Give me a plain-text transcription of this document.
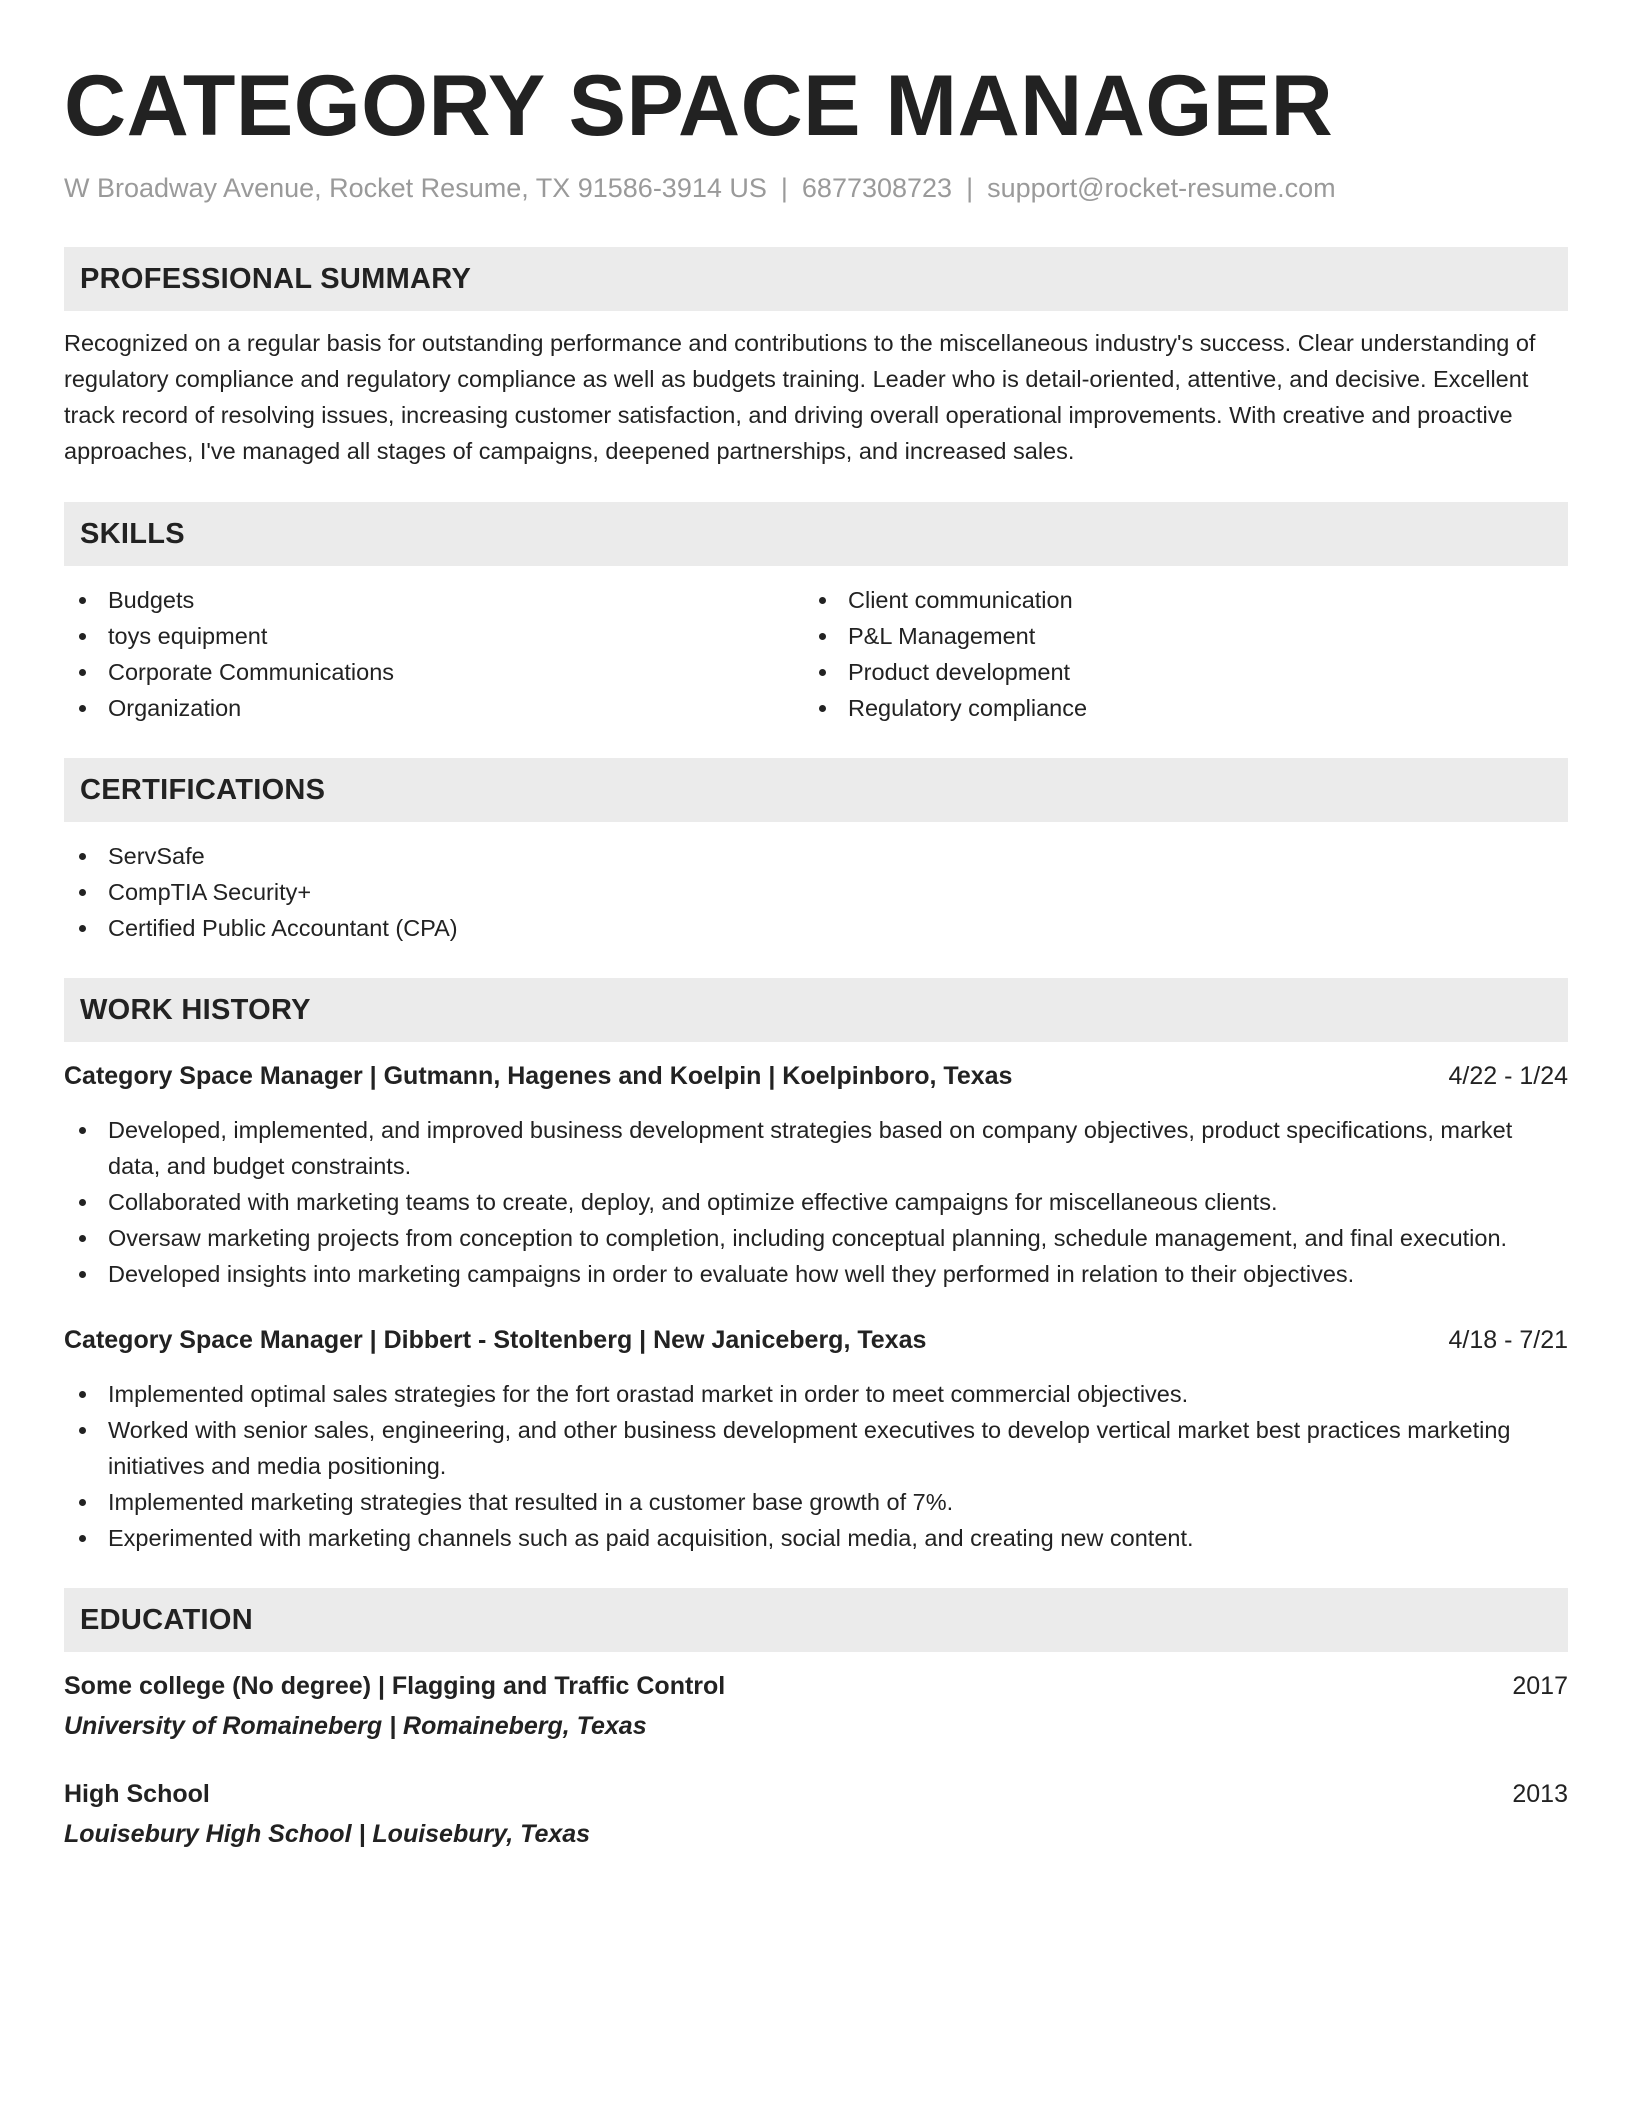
CATEGORY SPACE MANAGER
W Broadway Avenue, Rocket Resume, TX 91586-3914 US | 6877308723 | support@rocket-resume.com
PROFESSIONAL SUMMARY

Recognized on a regular basis for outstanding performance and contributions to the miscellaneous industry's success. Clear understanding of regulatory compliance and regulatory compliance as well as budgets training. Leader who is detail-oriented, attentive, and decisive. Excellent track record of resolving issues, increasing customer satisfaction, and driving overall operational improvements. With creative and proactive approaches, I've managed all stages of campaigns, deepened partnerships, and increased sales.

SKILLS
Budgets
toys equipment
Corporate Communications
Organization
Client communication
P&L Management
Product development
Regulatory compliance
CERTIFICATIONS
ServSafe
CompTIA Security+
Certified Public Accountant (CPA)
WORK HISTORY
Category Space Manager | Gutmann, Hagenes and Koelpin | Koelpinboro, Texas	4/22 - 1/24
Developed, implemented, and improved business development strategies based on company objectives, product specifications, market data, and budget constraints.
Collaborated with marketing teams to create, deploy, and optimize effective campaigns for miscellaneous clients.
Oversaw marketing projects from conception to completion, including conceptual planning, schedule management, and final execution.
Developed insights into marketing campaigns in order to evaluate how well they performed in relation to their objectives.
Category Space Manager | Dibbert - Stoltenberg | New Janiceberg, Texas	4/18 - 7/21
Implemented optimal sales strategies for the fort orastad market in order to meet commercial objectives.
Worked with senior sales, engineering, and other business development executives to develop vertical market best practices marketing initiatives and media positioning.
Implemented marketing strategies that resulted in a customer base growth of 7%.
Experimented with marketing channels such as paid acquisition, social media, and creating new content.
EDUCATION
Some college (No degree) | Flagging and Traffic Control	2017
University of Romaineberg | Romaineberg, Texas
High School	2013
Louisebury High School | Louisebury, Texas
